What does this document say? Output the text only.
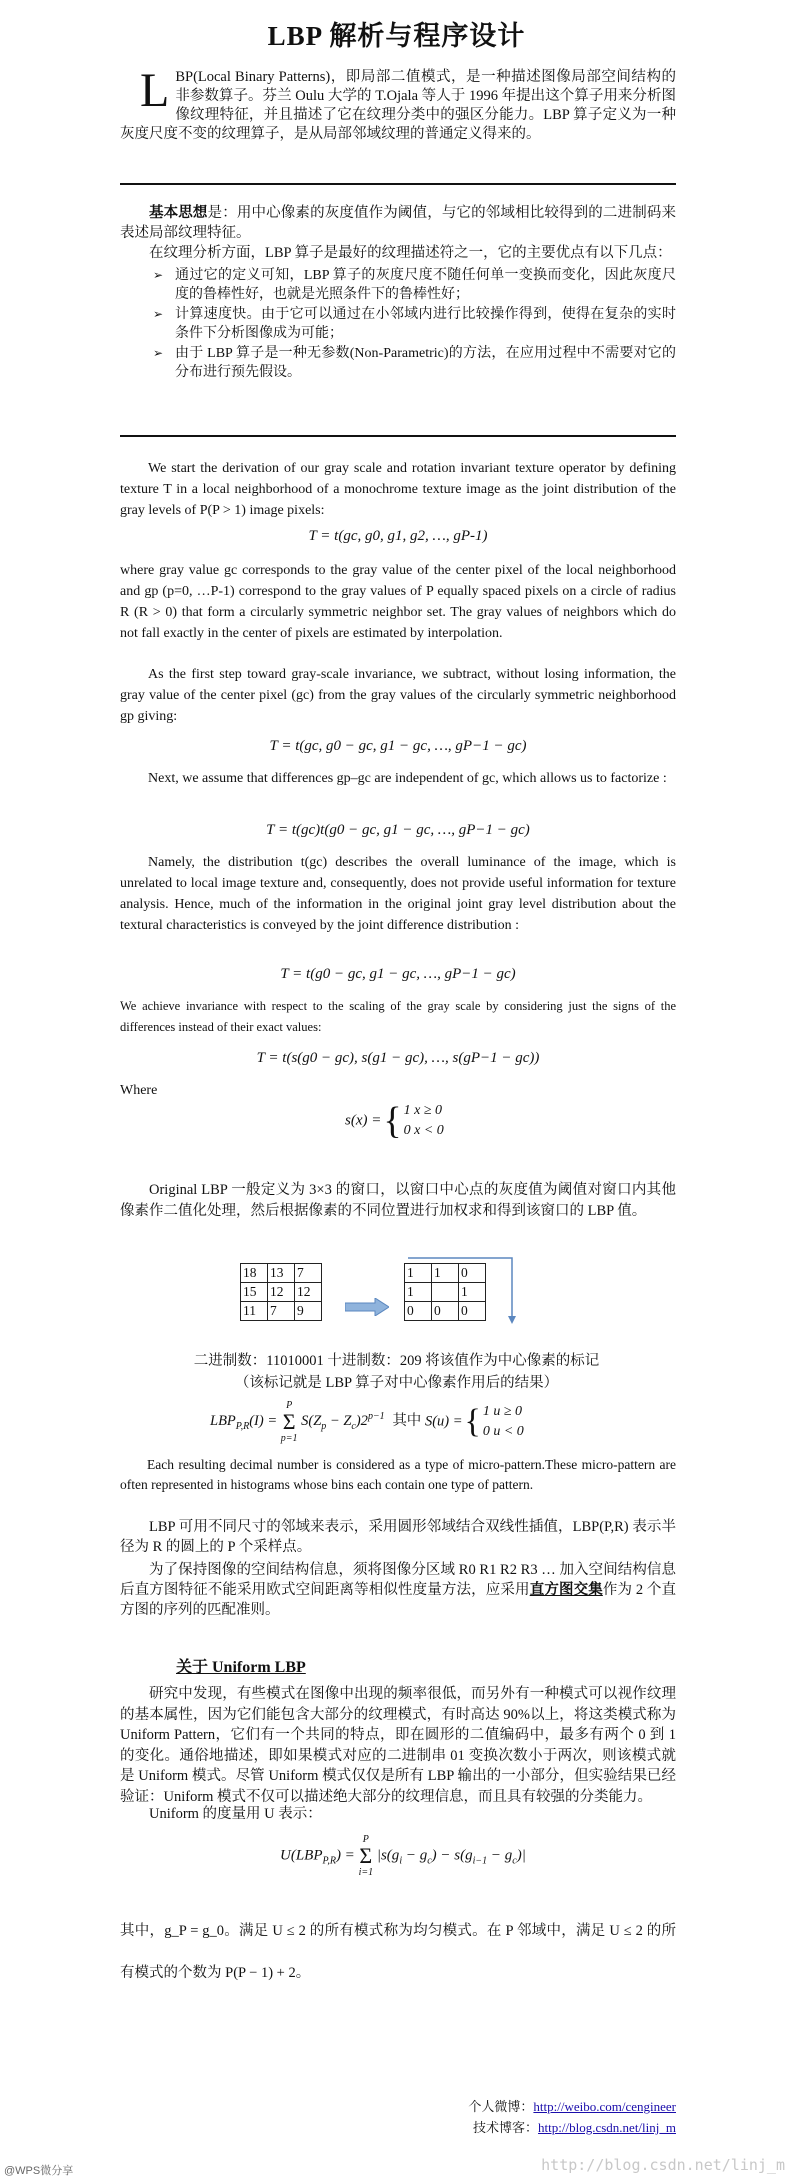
LBP 解析与程序设计
LBP(Local Binary Patterns)，即局部二值模式，是一种描述图像局部空间结构的非参数算子。芬兰 Oulu 大学的 T.Ojala 等人于 1996 年提出这个算子用来分析图像纹理特征，并且描述了它在纹理分类中的强区分能力。LBP 算子定义为一种灰度尺度不变的纹理算子，是从局部邻域纹理的普通定义得来的。

基本思想是：用中心像素的灰度值作为阈值，与它的邻域相比较得到的二进制码来表述局部纹理特征。

在纹理分析方面，LBP 算子是最好的纹理描述符之一，它的主要优点有以下几点：

➢ 通过它的定义可知，LBP 算子的灰度尺度不随任何单一变换而变化，因此灰度尺度的鲁棒性好，也就是光照条件下的鲁棒性好；
➢ 计算速度快。由于它可以通过在小邻域内进行比较操作得到，使得在复杂的实时条件下分析图像成为可能；
➢ 由于 LBP 算子是一种无参数(Non-Parametric)的方法，在应用过程中不需要对它的分布进行预先假设。

We start the derivation of our gray scale and rotation invariant texture operator by defining texture T in a local neighborhood of a monochrome texture image as the joint distribution of the gray levels of P(P > 1) image pixels:

T = t(gc, g0, g1, g2, …, gP-1)

where gray value gc corresponds to the gray value of the center pixel of the local neighborhood and gp (p=0, …P-1) correspond to the gray values of P equally spaced pixels on a circle of radius R (R > 0) that form a circularly symmetric neighbor set. The gray values of neighbors which do not fall exactly in the center of pixels are estimated by interpolation.

As the first step toward gray-scale invariance, we subtract, without losing information, the gray value of the center pixel (gc) from the gray values of the circularly symmetric neighborhood gp giving:

T = t(gc, g0 − gc, g1 − gc, …, gP−1 − gc)

Next, we assume that differences gp–gc are independent of gc, which allows us to factorize :

T = t(gc)t(g0 − gc, g1 − gc, …, gP−1 − gc)

Namely, the distribution t(gc) describes the overall luminance of the image, which is unrelated to local image texture and, consequently, does not provide useful information for texture analysis. Hence, much of the information in the original joint gray level distribution about the textural characteristics is conveyed by the joint difference distribution :

T = t(g0 − gc, g1 − gc, …, gP−1 − gc)

We achieve invariance with respect to the scaling of the gray scale by considering just the signs of the differences instead of their exact values:

T = t(s(g0 − gc), s(g1 − gc), …, s(gP−1 − gc))
Where
s(x) ={ 1 x ≥ 0
0 x < 0

Original LBP 一般定义为 3×3 的窗口，以窗口中心点的灰度值为阈值对窗口内其他像素作二值化处理，然后根据像素的不同位置进行加权求和得到该窗口的 LBP 值。

18	13	7
15	12	12
11	7	9
1	1	0
1		1
0	0	0
二进制数：11010001 十进制数：209 将该值作为中心像素的标记
（该标记就是 LBP 算子对中心像素作用后的结果）
$LBP_{P,R}(I)$ =
P
Σ
p=1
$S(Z_p - Z_c)2^{p-1}$ 其中 S(u) ={ 1 u ≥ 0
0 u < 0

Each resulting decimal number is considered as a type of micro-pattern.These micro-pattern are often represented in histograms whose bins each contain one type of pattern.

LBP 可用不同尺寸的邻域来表示，采用圆形邻域结合双线性插值，LBP(P,R) 表示半径为 R 的圆上的 P 个采样点。

为了保持图像的空间结构信息，须将图像分区域 R0 R1 R2 R3 … 加入空间结构信息后直方图特征不能采用欧式空间距离等相似性度量方法，应采用直方图交集作为 2 个直方图的序列的匹配准则。

关于 Uniform LBP

研究中发现，有些模式在图像中出现的频率很低，而另外有一种模式可以视作纹理的基本属性，因为它们能包含大部分的纹理模式，有时高达 90%以上，将这类模式称为 Uniform Pattern，它们有一个共同的特点，即在圆形的二值编码中，最多有两个 0 到 1 的变化。通俗地描述，即如果模式对应的二进制串 01 变换次数小于两次，则该模式就是 Uniform 模式。尽管 Uniform 模式仅仅是所有 LBP 输出的一小部分，但实验结果已经验证：Uniform 模式不仅可以描述绝大部分的纹理信息，而且具有较强的分类能力。

Uniform 的度量用 U 表示：

$U(LBP_{P,R})$ =
P
Σ
i=1
$|s(g_i - g_c) - s(g_{i-1} - g_c)|$

其中，g_P = g_0。满足 U ≤ 2 的所有模式称为均匀模式。在 P 邻域中，满足 U ≤ 2 的所有模式的个数为 P(P − 1) + 2。

个人微博：http://weibo.com/cengineer
技术博客：http://blog.csdn.net/linj_m
@WPS微分享	http://blog.csdn.net/linj_m
